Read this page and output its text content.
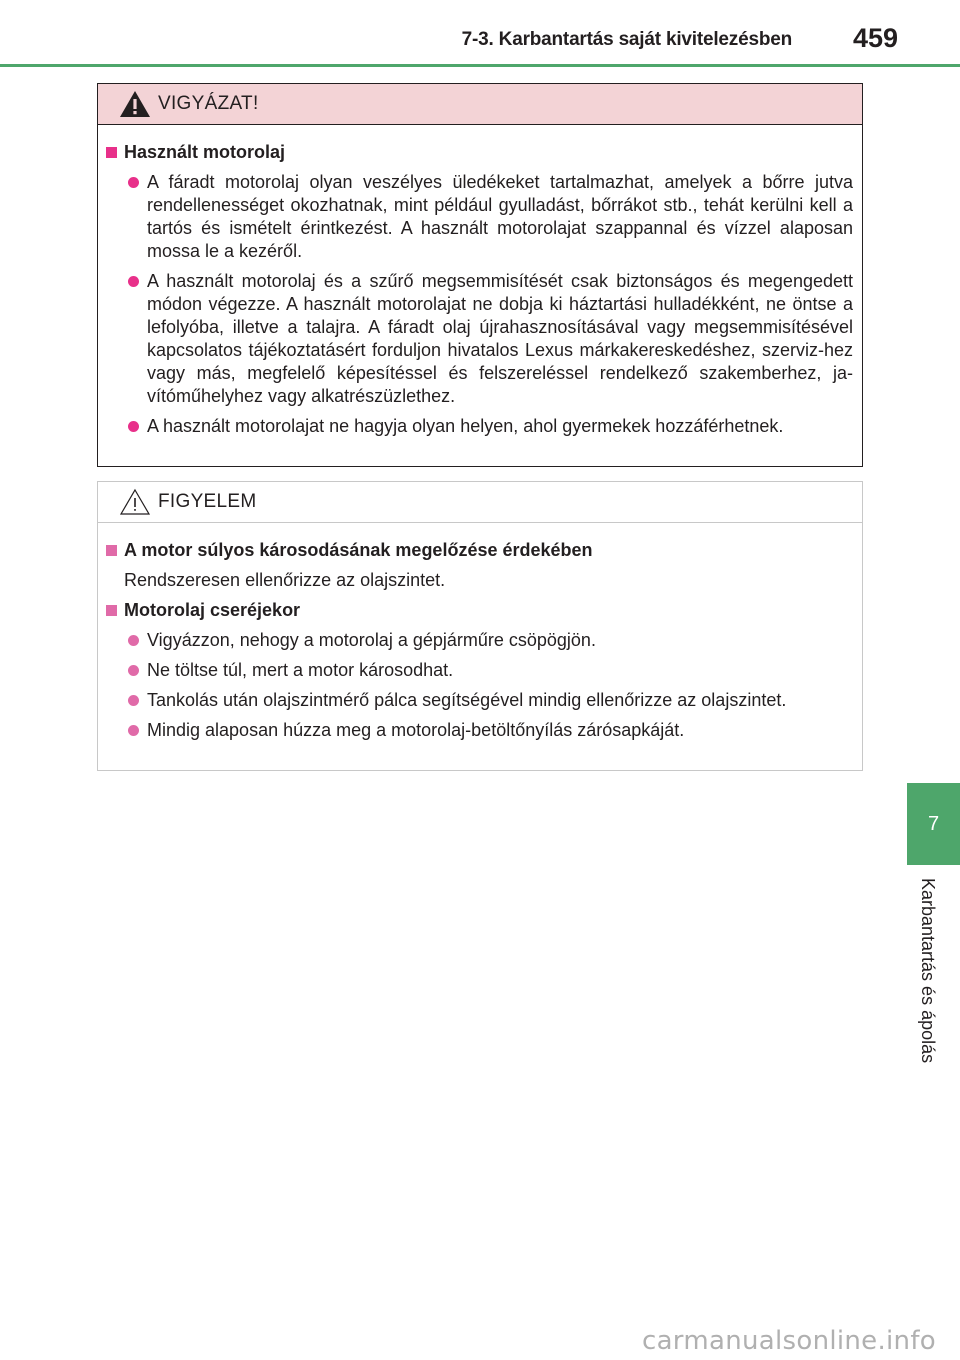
7-3. Karbantartás saját kivitelezésben	459
7
Karbantartás és ápolás
VIGYÁZAT!
Használt motorolaj
A fáradt motorolaj olyan veszélyes üledékeket tartalmazhat, amelyek a bőrre jutva rendellenességet okozhatnak, mint például gyulladást, bőrrákot stb., tehát kerülni kell a tartós és ismételt érintkezést. A használt motorolajat szappannal és vízzel alaposan mossa le a kezéről.
A használt motorolaj és a szűrő megsemmisítését csak biztonságos és megengedett módon végezze. A használt motorolajat ne dobja ki háztartási hulladékként, ne öntse a lefolyóba, illetve a talajra. A fáradt olaj újrahasznosításával vagy megsemmisítésével kapcsolatos tájékoztatásért forduljon hivatalos Lexus márkakereskedéshez, szerviz-hez vagy más, megfelelő képesítéssel és felszereléssel rendelkező szakemberhez, ja-vítóműhelyhez vagy alkatrészüzlethez.
A használt motorolajat ne hagyja olyan helyen, ahol gyermekek hozzáférhetnek.
FIGYELEM
A motor súlyos károsodásának megelőzése érdekében
Rendszeresen ellenőrizze az olajszintet.
Motorolaj cseréjekor
Vigyázzon, nehogy a motorolaj a gépjárműre csöpögjön.
Ne töltse túl, mert a motor károsodhat.
Tankolás után olajszintmérő pálca segítségével mindig ellenőrizze az olajszintet.
Mindig alaposan húzza meg a motorolaj-betöltőnyílás zárósapkáját.
carmanualsonline.info
